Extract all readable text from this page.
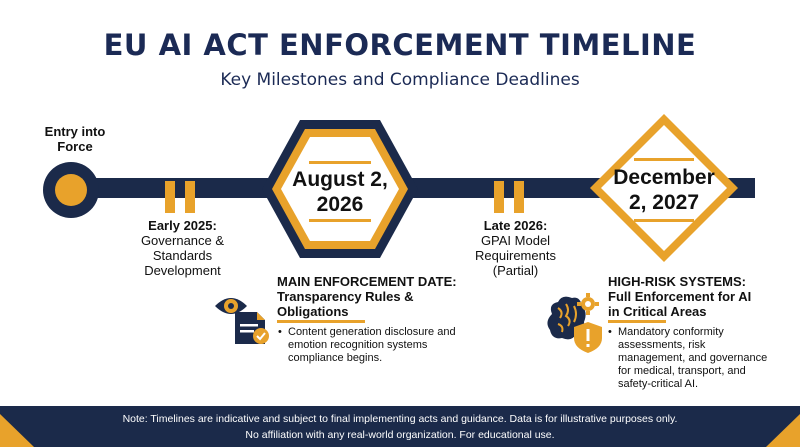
EU AI ACT ENFORCEMENT TIMELINE

Key Milestones and Compliance Deadlines

Entry into
Force
Early 2025:
Governance &
Standards
Development
August 2,
2026
MAIN ENFORCEMENT DATE:
Transparency Rules &
Obligations
• Content generation disclosure and
emotion recognition systems
compliance begins.
Late 2026:
GPAI Model
Requirements
(Partial)
December
2, 2027
HIGH-RISK SYSTEMS:
Full Enforcement for AI
in Critical Areas
• Mandatory conformity
assessments, risk
management, and governance
for medical, transport, and
safety-critical AI.
Note: Timelines are indicative and subject to final implementing acts and guidance. Data is for illustrative purposes only.
No affiliation with any real-world organization. For educational use.
